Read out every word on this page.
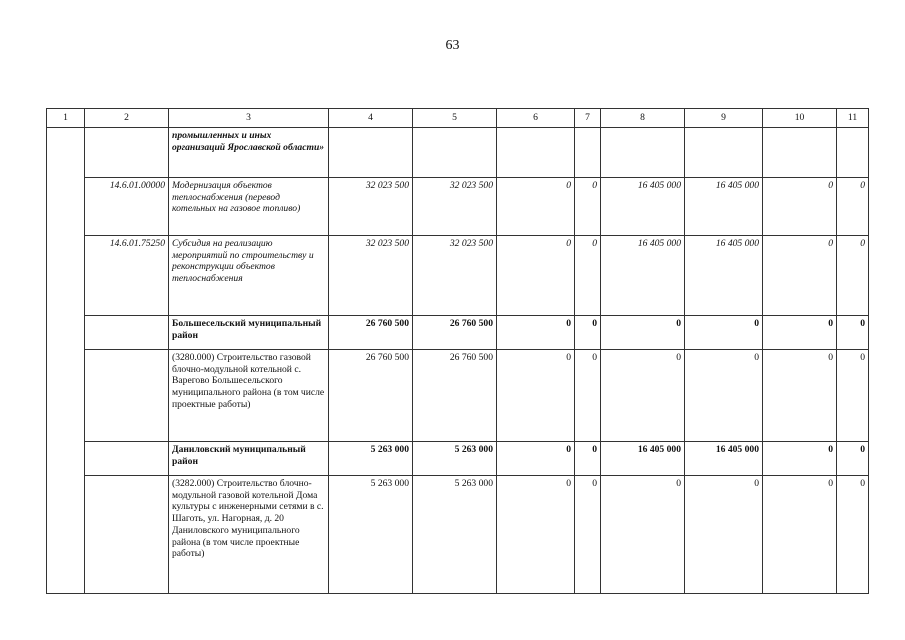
63
1	2	3	4	5	6	7	8	9	10	11
		промышленных и иных организаций Ярославской области»								
	14.6.01.00000	Модернизация объектов теплоснабжения (перевод котельных на газовое топливо)	32 023 500	32 023 500	0	0	16 405 000	16 405 000	0	0
	14.6.01.75250	Субсидия на реализацию мероприятий по строительству и реконструкции объектов теплоснабжения	32 023 500	32 023 500	0	0	16 405 000	16 405 000	0	0
		Большесельский муниципальный район	26 760 500	26 760 500	0	0	0	0	0	0
		(3280.000) Строительство газовой блочно-модульной котельной с. Варегово Большесельского муниципального района (в том числе проектные работы)	26 760 500	26 760 500	0	0	0	0	0	0
		Даниловский муниципальный район	5 263 000	5 263 000	0	0	16 405 000	16 405 000	0	0
		(3282.000) Строительство блочно-модульной газовой котельной Дома культуры с инженерными сетями в с. Шаготь, ул. Нагорная, д. 20 Даниловского муниципального района (в том числе проектные работы)	5 263 000	5 263 000	0	0	0	0	0	0
